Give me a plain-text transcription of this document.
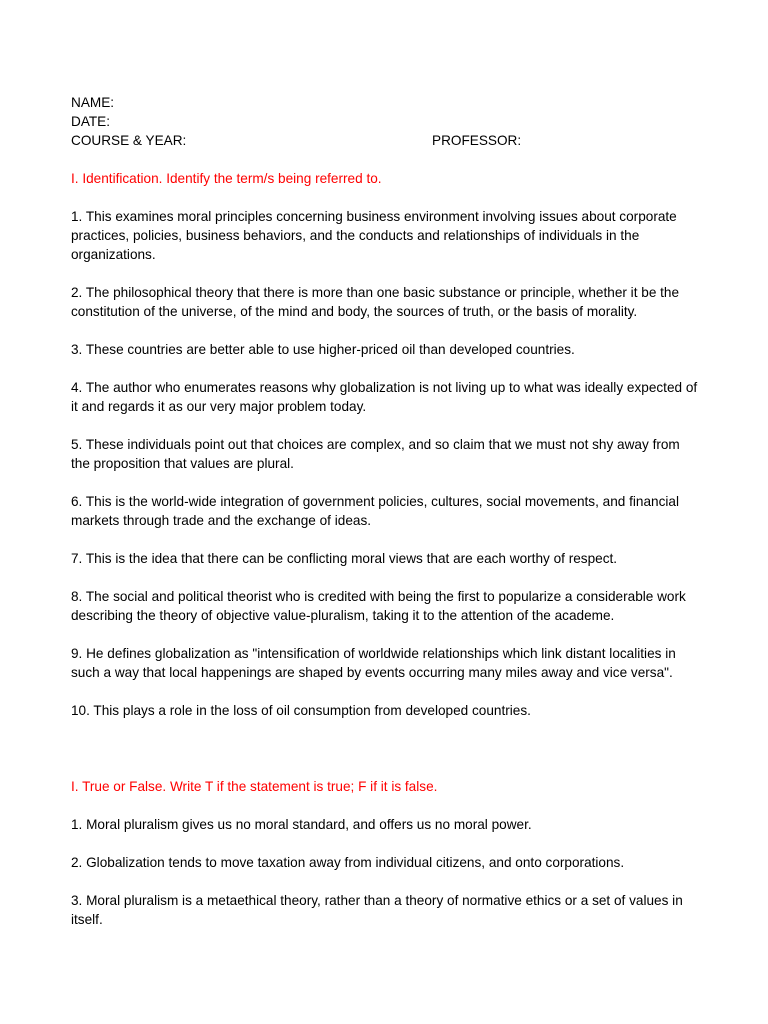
NAME:
DATE:
COURSE & YEAR:	PROFESSOR:

I. Identification. Identify the term/s being referred to.

1. This examines moral principles concerning business environment involving issues about corporate practices, policies, business behaviors, and the conducts and relationships of individuals in the organizations.

2. The philosophical theory that there is more than one basic substance or principle, whether it be the constitution of the universe, of the mind and body, the sources of truth, or the basis of morality.

3. These countries are better able to use higher-priced oil than developed countries.

4. The author who enumerates reasons why globalization is not living up to what was ideally expected of it and regards it as our very major problem today.

5. These individuals point out that choices are complex, and so claim that we must not shy away from the proposition that values are plural.

6. This is the world-wide integration of government policies, cultures, social movements, and financial markets through trade and the exchange of ideas.

7. This is the idea that there can be conflicting moral views that are each worthy of respect.

8. The social and political theorist who is credited with being the first to popularize a considerable work describing the theory of objective value-pluralism, taking it to the attention of the academe.

9. He defines globalization as "intensification of worldwide relationships which link distant localities in such a way that local happenings are shaped by events occurring many miles away and vice versa".

10. This plays a role in the loss of oil consumption from developed countries.

I. True or False. Write T if the statement is true; F if it is false.

1. Moral pluralism gives us no moral standard, and offers us no moral power.

2. Globalization tends to move taxation away from individual citizens, and onto corporations.

3. Moral pluralism is a metaethical theory, rather than a theory of normative ethics or a set of values in itself.
